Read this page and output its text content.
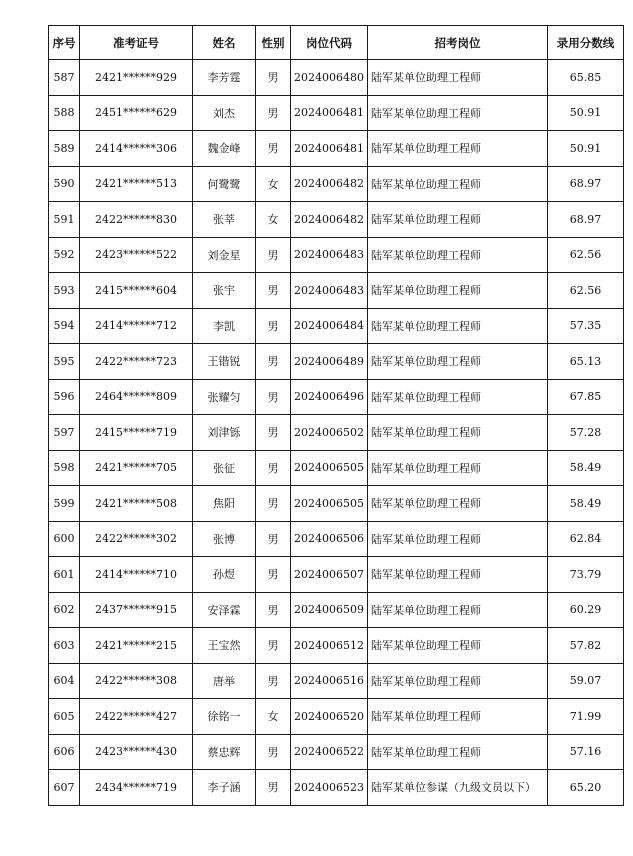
序号	准考证号	姓名	性别	岗位代码	招考岗位	录用分数线
587	2421******929	李芳霆	男	2024006480	陆军某单位助理工程师	65.85
588	2451******629	刘杰	男	2024006481	陆军某单位助理工程师	50.91
589	2414******306	魏金峰	男	2024006481	陆军某单位助理工程师	50.91
590	2421******513	何鹭鹭	女	2024006482	陆军某单位助理工程师	68.97
591	2422******830	张莘	女	2024006482	陆军某单位助理工程师	68.97
592	2423******522	刘金星	男	2024006483	陆军某单位助理工程师	62.56
593	2415******604	张宇	男	2024006483	陆军某单位助理工程师	62.56
594	2414******712	李凯	男	2024006484	陆军某单位助理工程师	57.35
595	2422******723	王锴锐	男	2024006489	陆军某单位助理工程师	65.13
596	2464******809	张耀匀	男	2024006496	陆军某单位助理工程师	67.85
597	2415******719	刘津铄	男	2024006502	陆军某单位助理工程师	57.28
598	2421******705	张征	男	2024006505	陆军某单位助理工程师	58.49
599	2421******508	焦阳	男	2024006505	陆军某单位助理工程师	58.49
600	2422******302	张博	男	2024006506	陆军某单位助理工程师	62.84
601	2414******710	孙煜	男	2024006507	陆军某单位助理工程师	73.79
602	2437******915	安泽霖	男	2024006509	陆军某单位助理工程师	60.29
603	2421******215	王宝然	男	2024006512	陆军某单位助理工程师	57.82
604	2422******308	唐举	男	2024006516	陆军某单位助理工程师	59.07
605	2422******427	徐铭一	女	2024006520	陆军某单位助理工程师	71.99
606	2423******430	蔡忠辉	男	2024006522	陆军某单位助理工程师	57.16
607	2434******719	李子涵	男	2024006523	陆军某单位参谋（九级文员以下）	65.20
